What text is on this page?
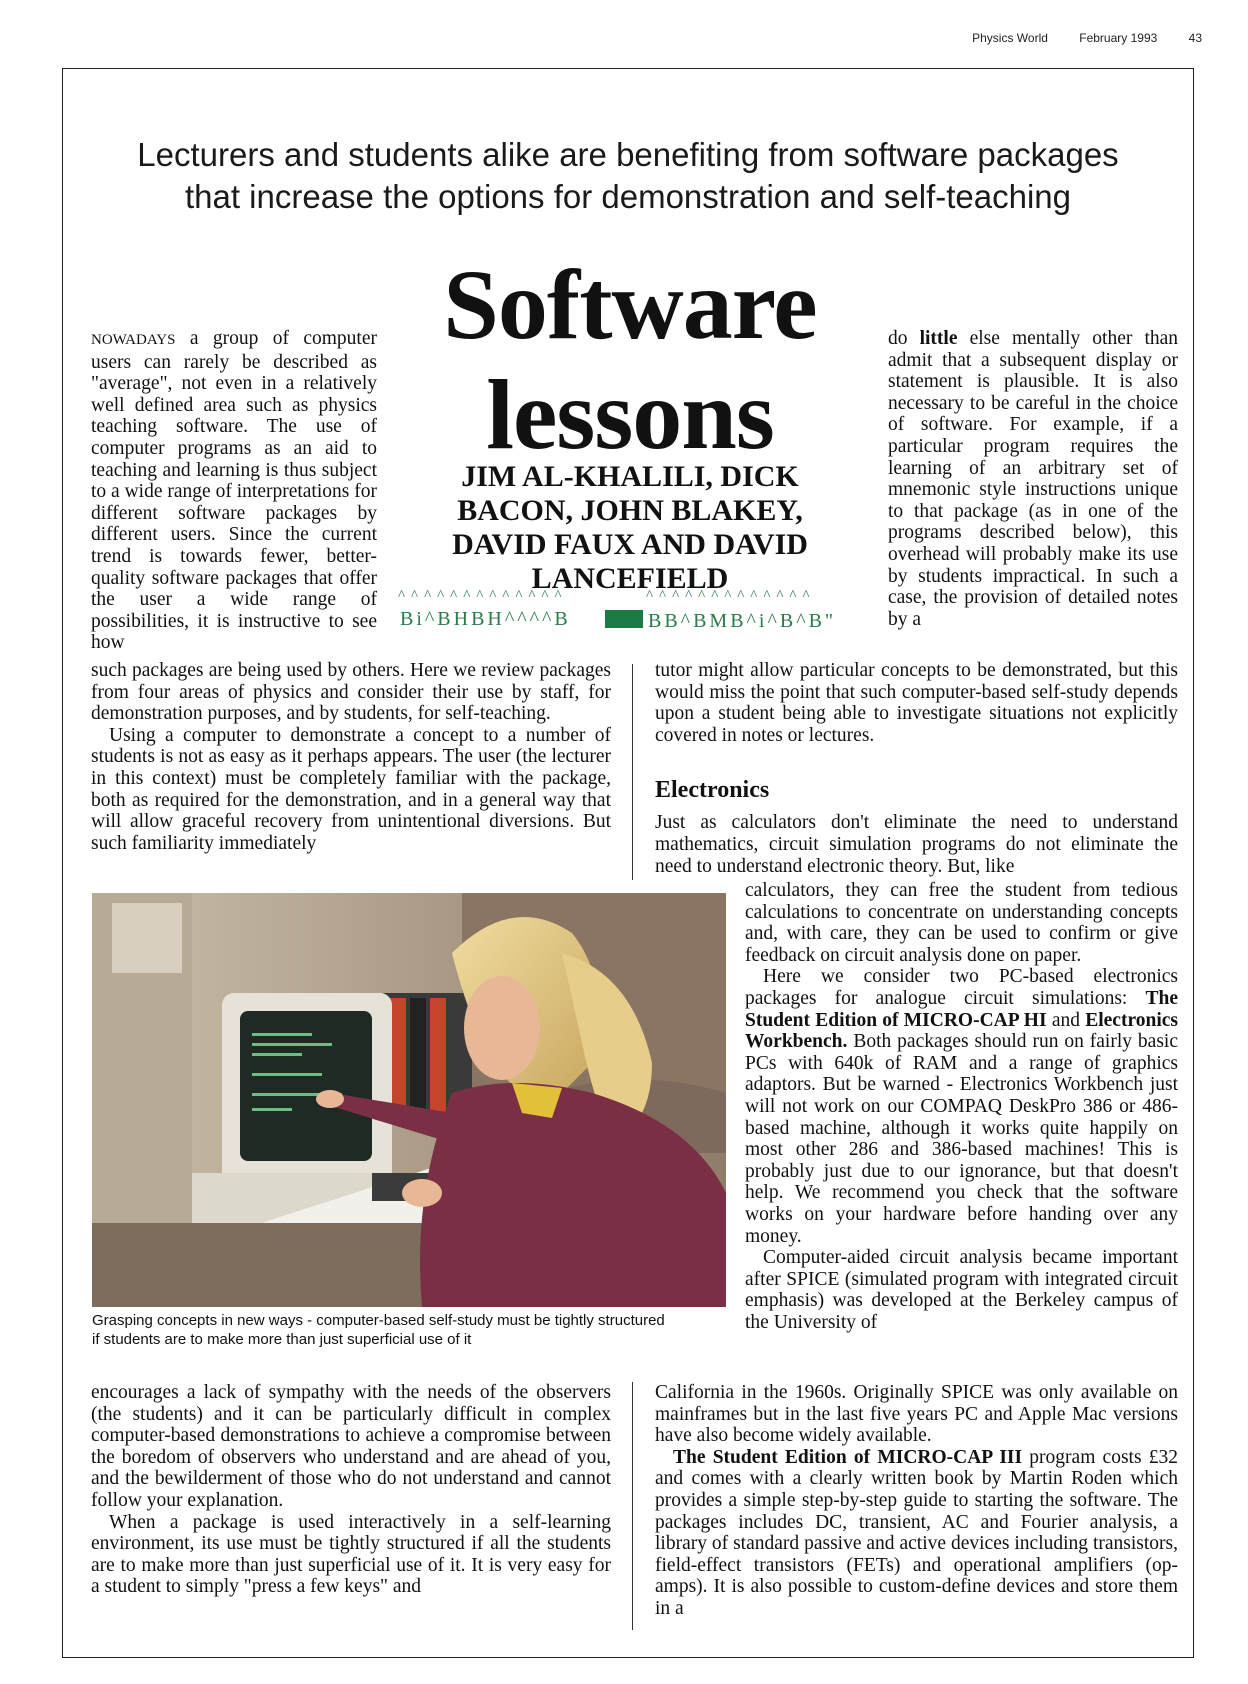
Physics World	February 1993	43
Lecturers and students alike are benefiting from software packages
that increase the options for demonstration and self-teaching
Software
lessons
JIM AL-KHALILI, DICK
BACON, JOHN BLAKEY,
DAVID FAUX AND DAVID
LANCEFIELD
^^^^^^^^^^^^^	^^^^^^^^^^^^^
Bi^BHBH^^^^B	BB^BMB^i^B^B"

NOWADAYS a group of computer users can rarely be described as "average", not even in a relatively well defined area such as physics teaching software. The use of computer programs as an aid to teaching and learning is thus subject to a wide range of interpretations for different software packages by different users. Since the current trend is towards fewer, better-quality software packages that offer the user a wide range of possibilities, it is instructive to see how

do little else mentally other than admit that a subsequent display or statement is plausible. It is also necessary to be careful in the choice of software. For example, if a particular program requires the learning of an arbitrary set of mnemonic style instructions unique to that package (as in one of the programs described below), this overhead will probably make its use by students impractical. In such a case, the provision of detailed notes by a

such packages are being used by others. Here we review packages from four areas of physics and consider their use by staff, for demonstration purposes, and by students, for self-teaching.

Using a computer to demonstrate a concept to a number of students is not as easy as it perhaps appears. The user (the lecturer in this context) must be completely familiar with the package, both as required for the demonstration, and in a general way that will allow graceful recovery from unintentional diversions. But such familiarity immediately

tutor might allow particular concepts to be demonstrated, but this would miss the point that such computer-based self-study depends upon a student being able to investigate situations not explicitly covered in notes or lectures.

Electronics

Just as calculators don't eliminate the need to understand mathematics, circuit simulation programs do not eliminate the need to understand electronic theory. But, like

Grasping concepts in new ways - computer-based self-study must be tightly structured
if students are to make more than just superficial use of it

calculators, they can free the student from tedious calculations to concentrate on understanding concepts and, with care, they can be used to confirm or give feedback on circuit analysis done on paper.

Here we consider two PC-based electronics packages for analogue circuit simulations: The Student Edition of MICRO-CAP HI and Electronics Workbench. Both packages should run on fairly basic PCs with 640k of RAM and a range of graphics adaptors. But be warned - Electronics Workbench just will not work on our COMPAQ DeskPro 386 or 486-based machine, although it works quite happily on most other 286 and 386-based machines! This is probably just due to our ignorance, but that doesn't help. We recommend you check that the software works on your hardware before handing over any money.

Computer-aided circuit analysis became important after SPICE (simulated program with integrated circuit emphasis) was developed at the Berkeley campus of the University of

encourages a lack of sympathy with the needs of the observers (the students) and it can be particularly difficult in complex computer-based demonstrations to achieve a compromise between the boredom of observers who understand and are ahead of you, and the bewilderment of those who do not understand and cannot follow your explanation.

When a package is used interactively in a self-learning environment, its use must be tightly structured if all the students are to make more than just superficial use of it. It is very easy for a student to simply "press a few keys" and

California in the 1960s. Originally SPICE was only available on mainframes but in the last five years PC and Apple Mac versions have also become widely available.

The Student Edition of MICRO-CAP III program costs £32 and comes with a clearly written book by Martin Roden which provides a simple step-by-step guide to starting the software. The packages includes DC, transient, AC and Fourier analysis, a library of standard passive and active devices including transistors, field-effect transistors (FETs) and operational amplifiers (op-amps). It is also possible to custom-define devices and store them in a
